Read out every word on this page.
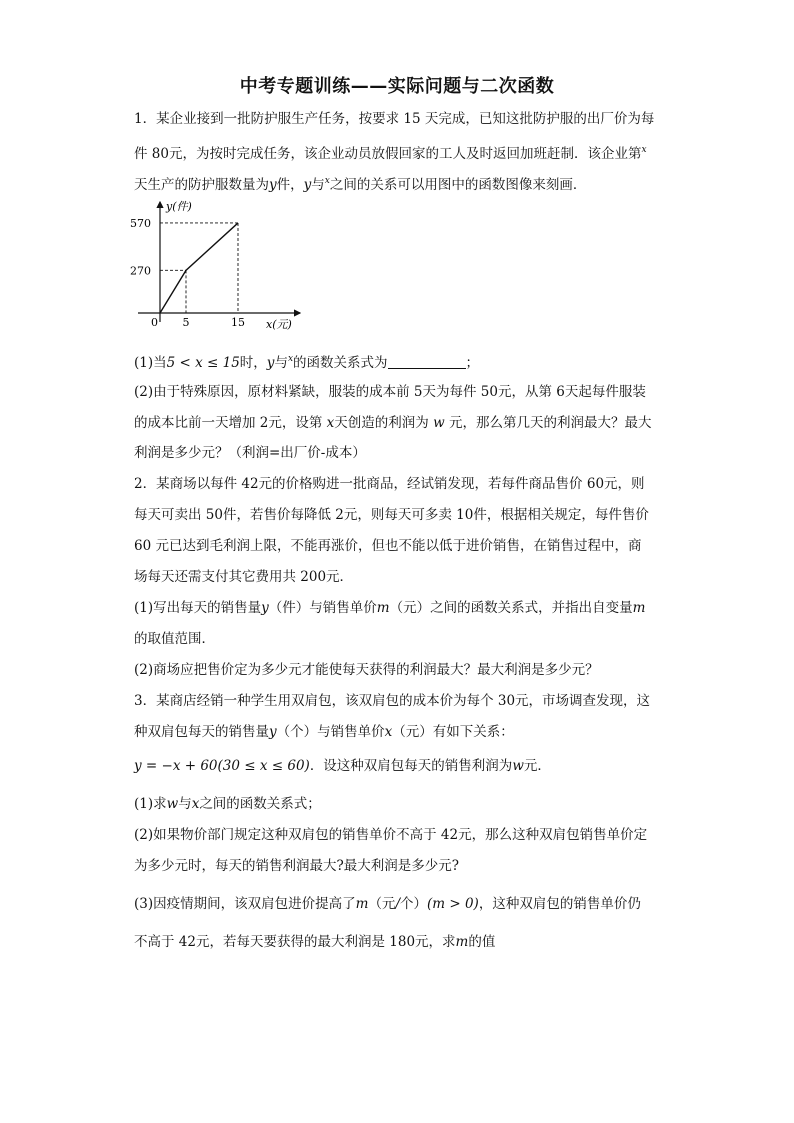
中考专题训练——实际问题与二次函数
1．某企业接到一批防护服生产任务，按要求 15 天完成，已知这批防护服的出厂价为每
件 80元，为按时完成任务，该企业动员放假回家的工人及时返回加班赶制．该企业第$^x$
天生产的防护服数量为y件，y与$^x$之间的关系可以用图中的函数图像来刻画．
0 5	15
270
570
y(件)
x(元)
(1)当5 < x ≤ 15时，y与$^x$的函数关系式为	；
(2)由于特殊原因，原材料紧缺，服装的成本前 5天为每件 50元，从第 6天起每件服装
的成本比前一天增加 2元，设第 x天创造的利润为 w 元，那么第几天的利润最大？最大
利润是多少元？（利润=出厂价-成本）
2．某商场以每件 42元的价格购进一批商品，经试销发现，若每件商品售价 60元，则
每天可卖出 50件，若售价每降低 2元，则每天可多卖 10件，根据相关规定，每件售价
60 元已达到毛利润上限，不能再涨价，但也不能以低于进价销售，在销售过程中，商
场每天还需支付其它费用共 200元．
(1)写出每天的销售量y（件）与销售单价m（元）之间的函数关系式，并指出自变量m
的取值范围．
(2)商场应把售价定为多少元才能使每天获得的利润最大？最大利润是多少元？
3．某商店经销一种学生用双肩包，该双肩包的成本价为每个 30元，市场调查发现，这
种双肩包每天的销售量y（个）与销售单价x（元）有如下关系：
y = −x + 60(30 ≤ x ≤ 60)．设这种双肩包每天的销售利润为w元．
(1)求w与x之间的函数关系式；
(2)如果物价部门规定这种双肩包的销售单价不高于 42元，那么这种双肩包销售单价定
为多少元时，每天的销售利润最大?最大利润是多少元?
(3)因疫情期间，该双肩包进价提高了m（元/个）(m > 0)，这种双肩包的销售单价仍
不高于 42元，若每天要获得的最大利润是 180元，求m的值
